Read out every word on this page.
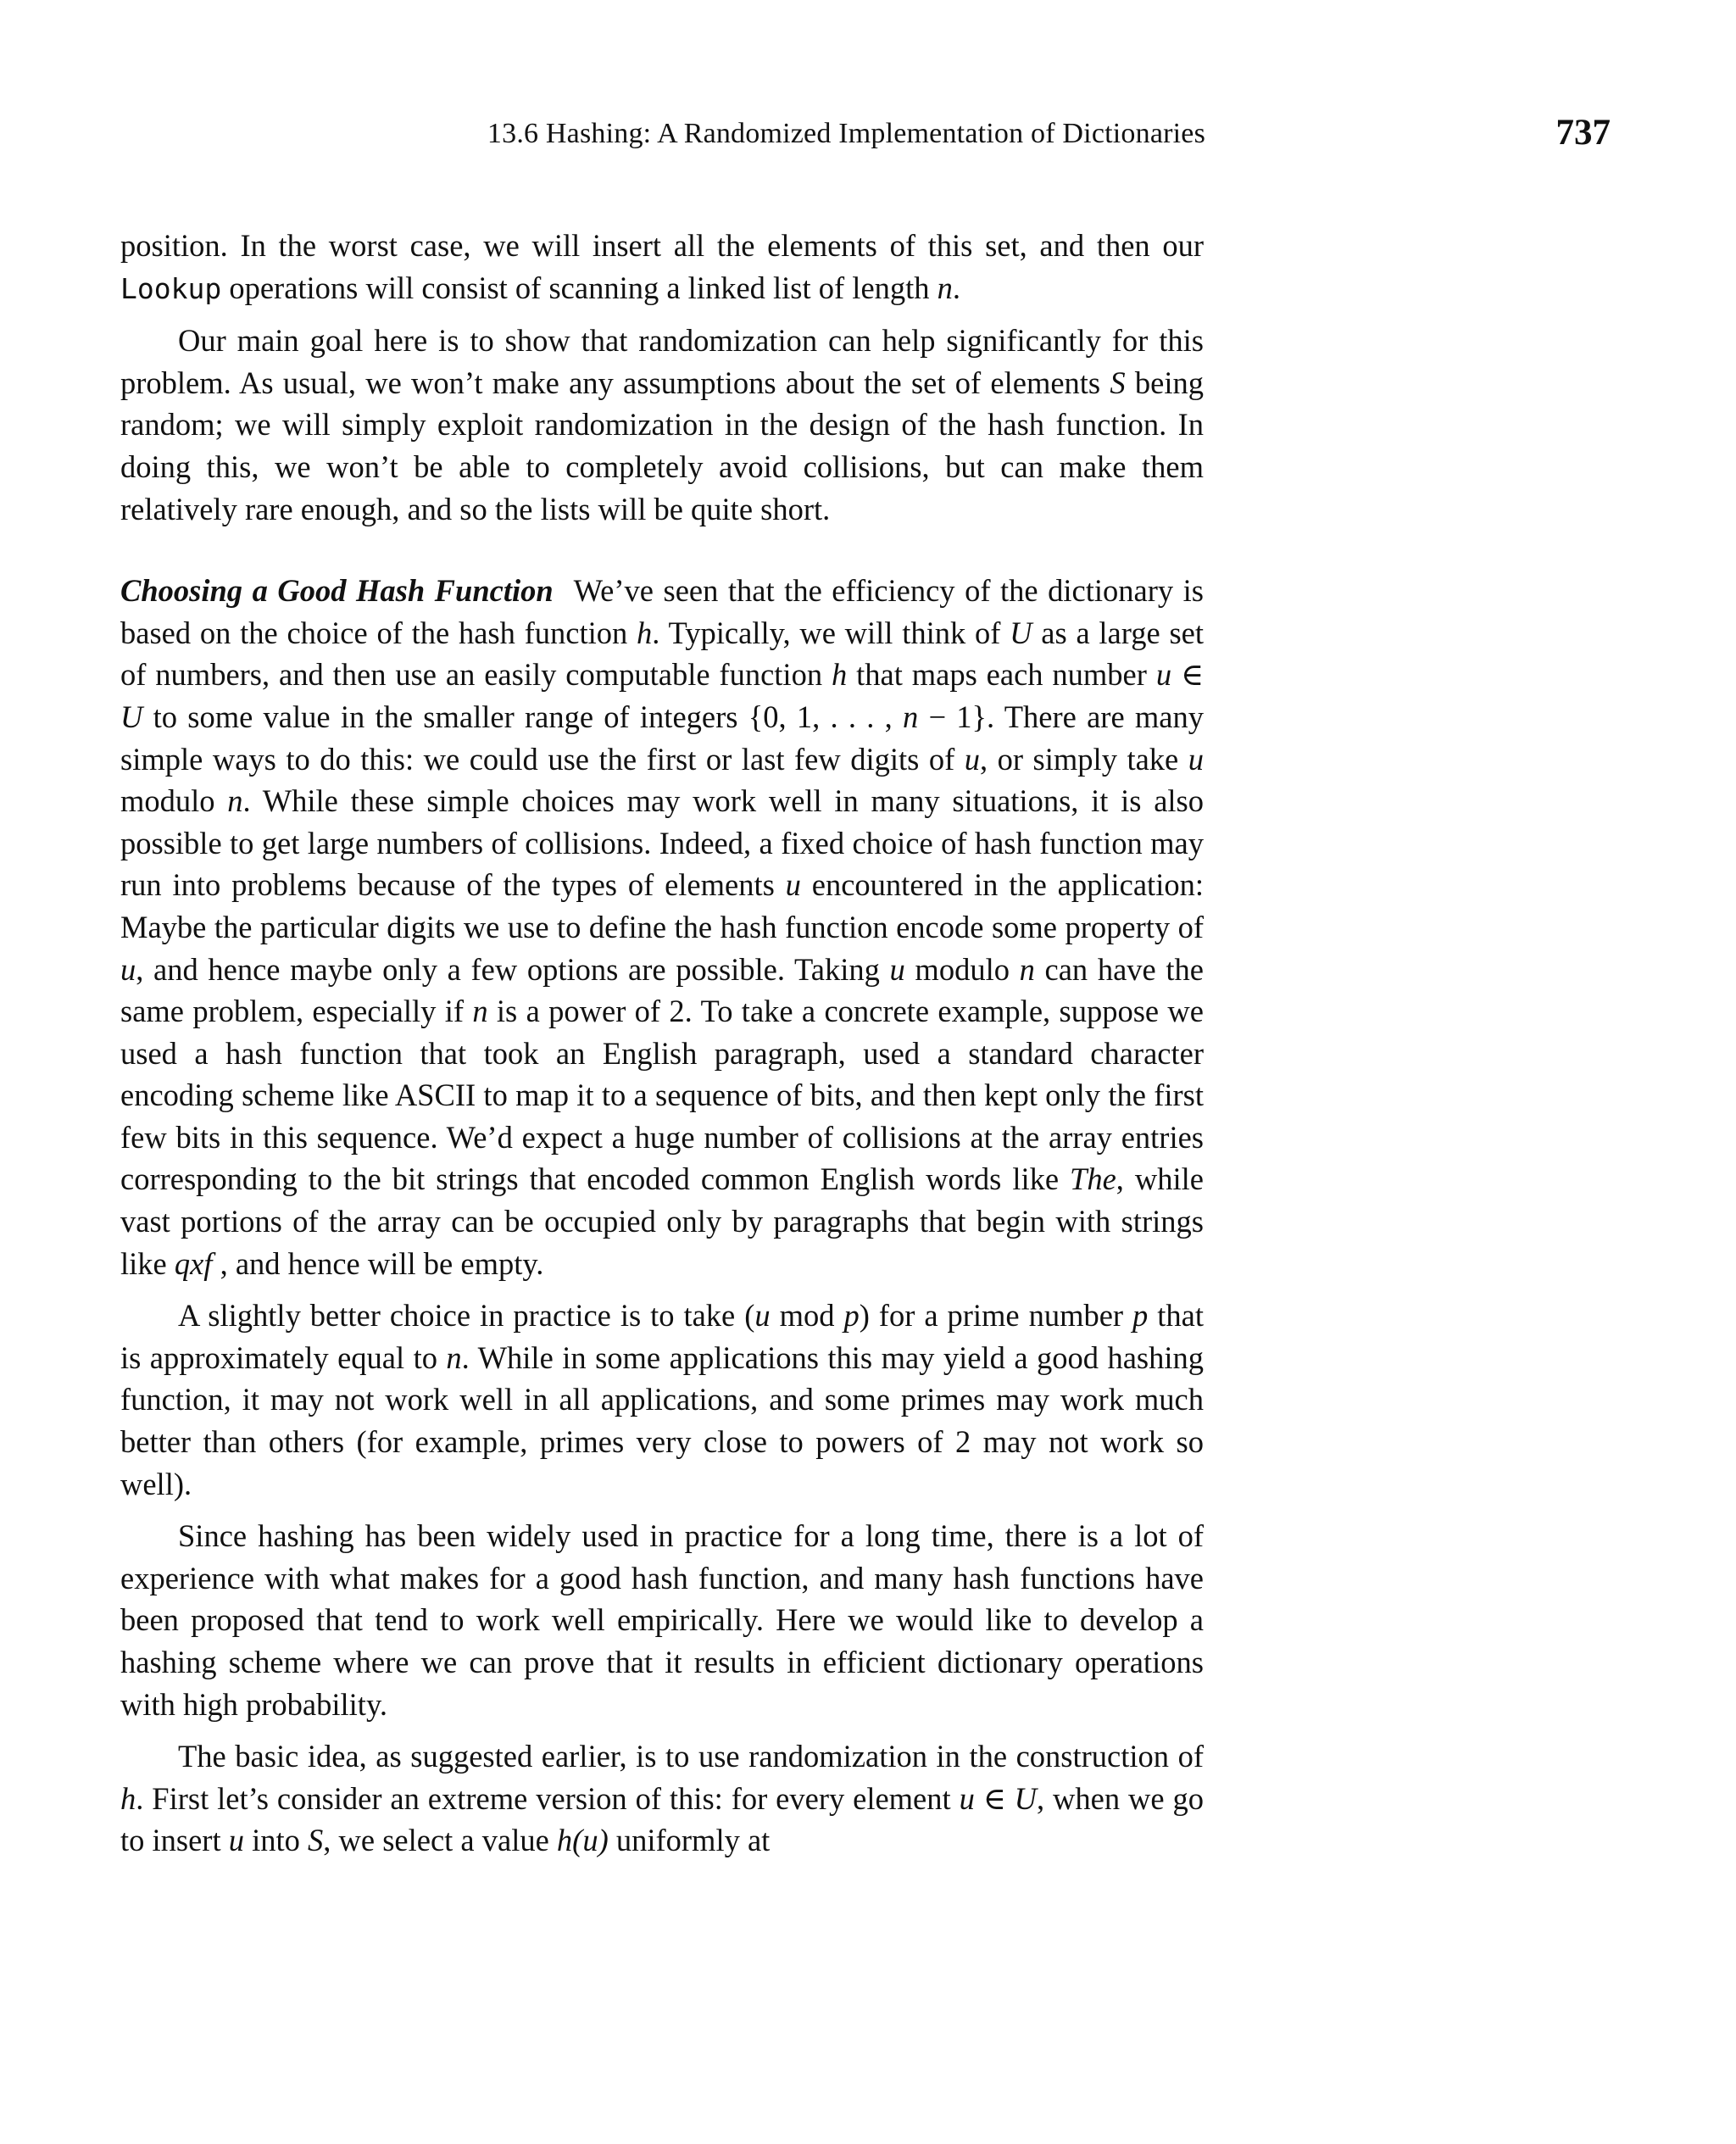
13.6 Hashing: A Randomized Implementation of Dictionaries	737

position. In the worst case, we will insert all the elements of this set, and then our Lookup operations will consist of scanning a linked list of length n.

Our main goal here is to show that randomization can help significantly for this problem. As usual, we won’t make any assumptions about the set of elements S being random; we will simply exploit randomization in the design of the hash function. In doing this, we won’t be able to completely avoid collisions, but can make them relatively rare enough, and so the lists will be quite short.

Choosing a Good Hash Function We’ve seen that the efficiency of the dictionary is based on the choice of the hash function h. Typically, we will think of U as a large set of numbers, and then use an easily computable function h that maps each number u ∈ U to some value in the smaller range of integers {0, 1, . . . , n − 1}. There are many simple ways to do this: we could use the first or last few digits of u, or simply take u modulo n. While these simple choices may work well in many situations, it is also possible to get large numbers of collisions. Indeed, a fixed choice of hash function may run into problems because of the types of elements u encountered in the application: Maybe the particular digits we use to define the hash function encode some property of u, and hence maybe only a few options are possible. Taking u modulo n can have the same problem, especially if n is a power of 2. To take a concrete example, suppose we used a hash function that took an English paragraph, used a standard character encoding scheme like ASCII to map it to a sequence of bits, and then kept only the first few bits in this sequence. We’d expect a huge number of collisions at the array entries corresponding to the bit strings that encoded common English words like The, while vast portions of the array can be occupied only by paragraphs that begin with strings like qxf , and hence will be empty.

A slightly better choice in practice is to take (u mod p) for a prime number p that is approximately equal to n. While in some applications this may yield a good hashing function, it may not work well in all applications, and some primes may work much better than others (for example, primes very close to powers of 2 may not work so well).

Since hashing has been widely used in practice for a long time, there is a lot of experience with what makes for a good hash function, and many hash functions have been proposed that tend to work well empirically. Here we would like to develop a hashing scheme where we can prove that it results in efficient dictionary operations with high probability.

The basic idea, as suggested earlier, is to use randomization in the construction of h. First let’s consider an extreme version of this: for every element u ∈ U, when we go to insert u into S, we select a value h(u) uniformly at
